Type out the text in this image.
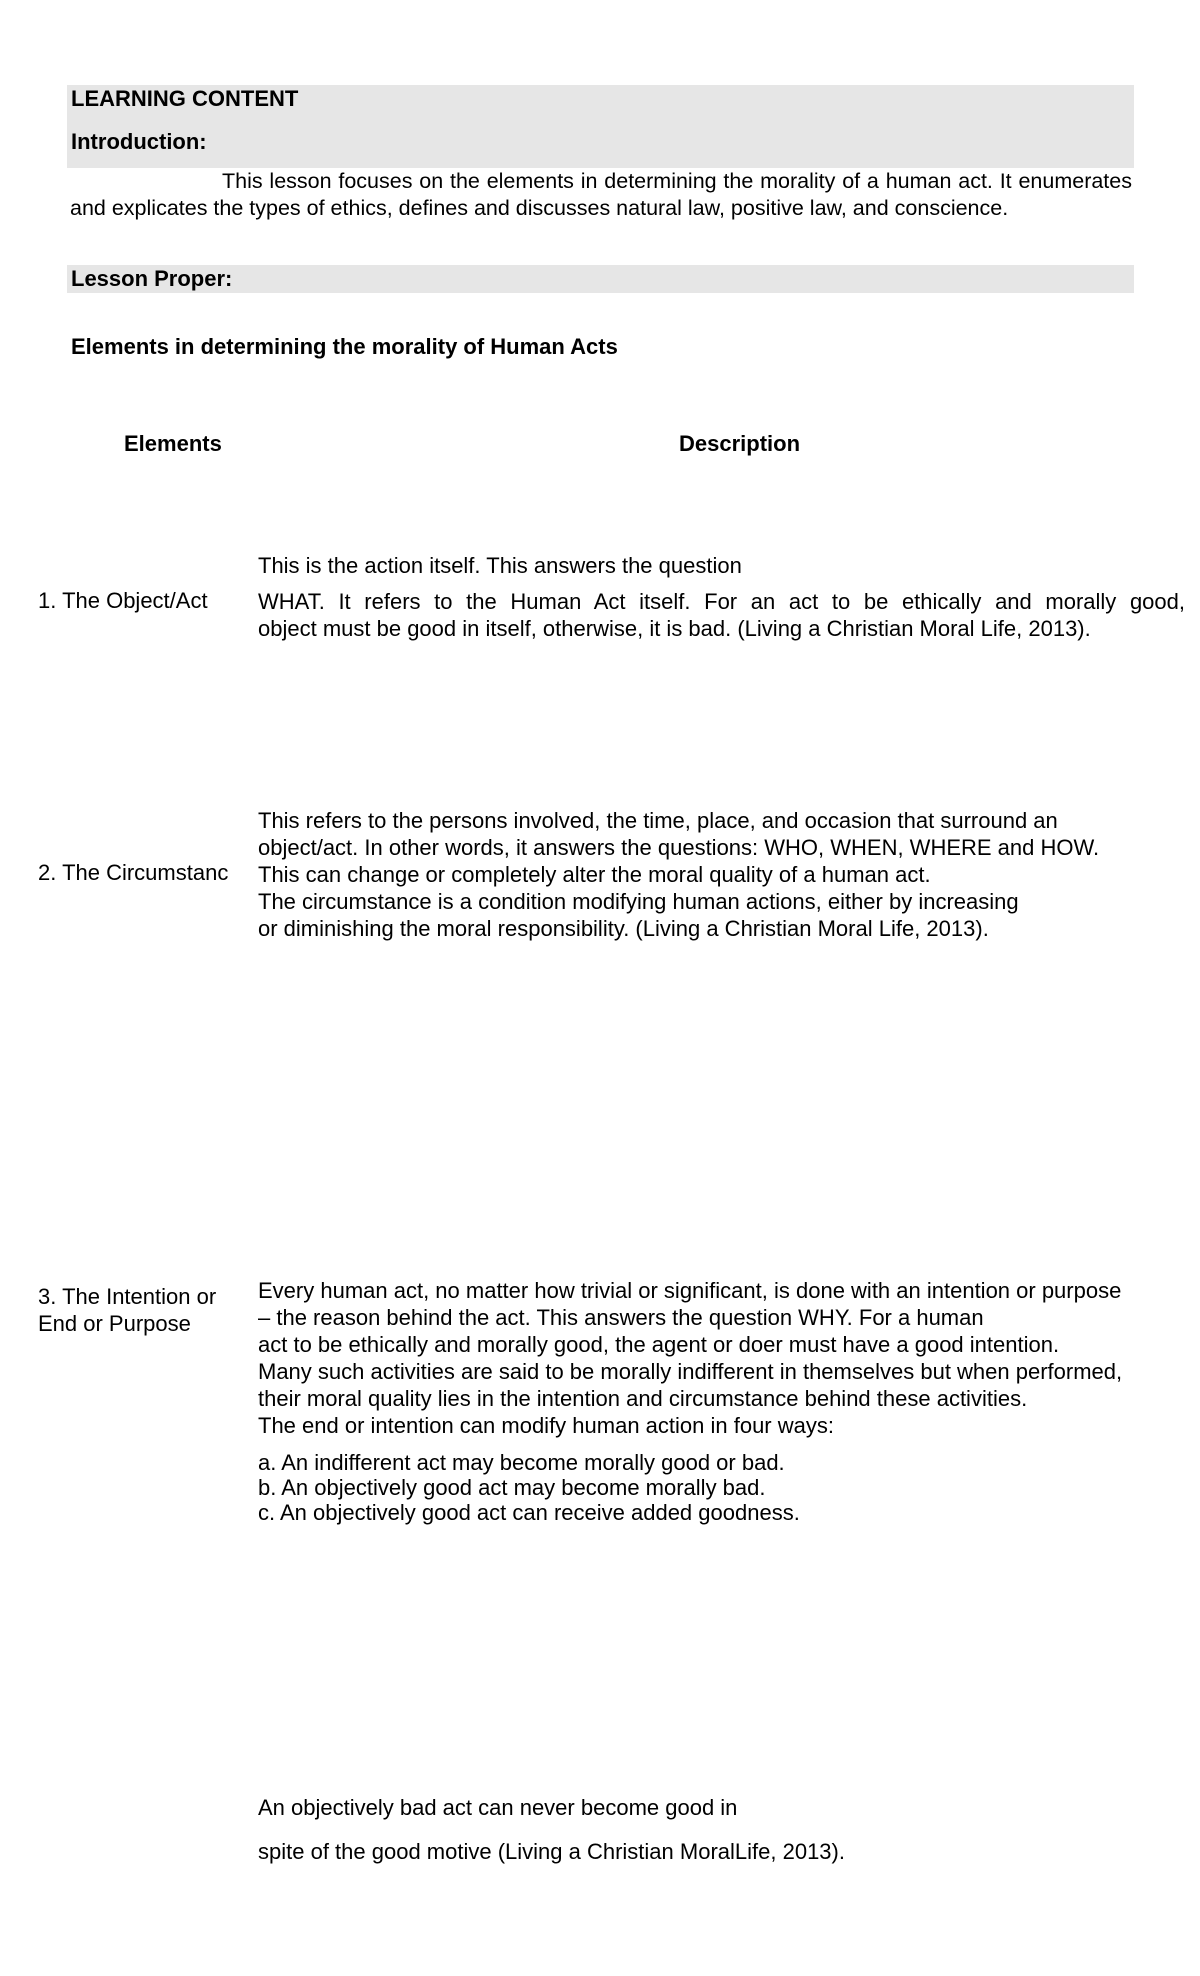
LEARNING CONTENT
Introduction:
This lesson focuses on the elements in determining the morality of a human act. It enumerates and explicates the types of ethics, defines and discusses natural law, positive law, and conscience.
Lesson Proper:
Elements in determining the morality of Human Acts
Elements	Description
1. The Object/Act
This is the action itself. This answers the question
WHAT. It refers to the Human Act itself. For an act to be ethically and morally good,
object must be good in itself, otherwise, it is bad. (Living a Christian Moral Life, 2013).
2. The Circumstanc
This refers to the persons involved, the time, place, and occasion that surround an
object/act. In other words, it answers the questions: WHO, WHEN, WHERE and HOW.
This can change or completely alter the moral quality of a human act.
The circumstance is a condition modifying human actions, either by increasing
or diminishing the moral responsibility. (Living a Christian Moral Life, 2013).
3. The Intention or
End or Purpose
Every human act, no matter how trivial or significant, is done with an intention or purpose
– the reason behind the act. This answers the question WHY. For a human
act to be ethically and morally good, the agent or doer must have a good intention.
Many such activities are said to be morally indifferent in themselves but when performed,
their moral quality lies in the intention and circumstance behind these activities.
The end or intention can modify human action in four ways:
a. An indifferent act may become morally good or bad.
b. An objectively good act may become morally bad.
c. An objectively good act can receive added goodness.
An objectively bad act can never become good in
spite of the good motive (Living a Christian MoralLife, 2013).
